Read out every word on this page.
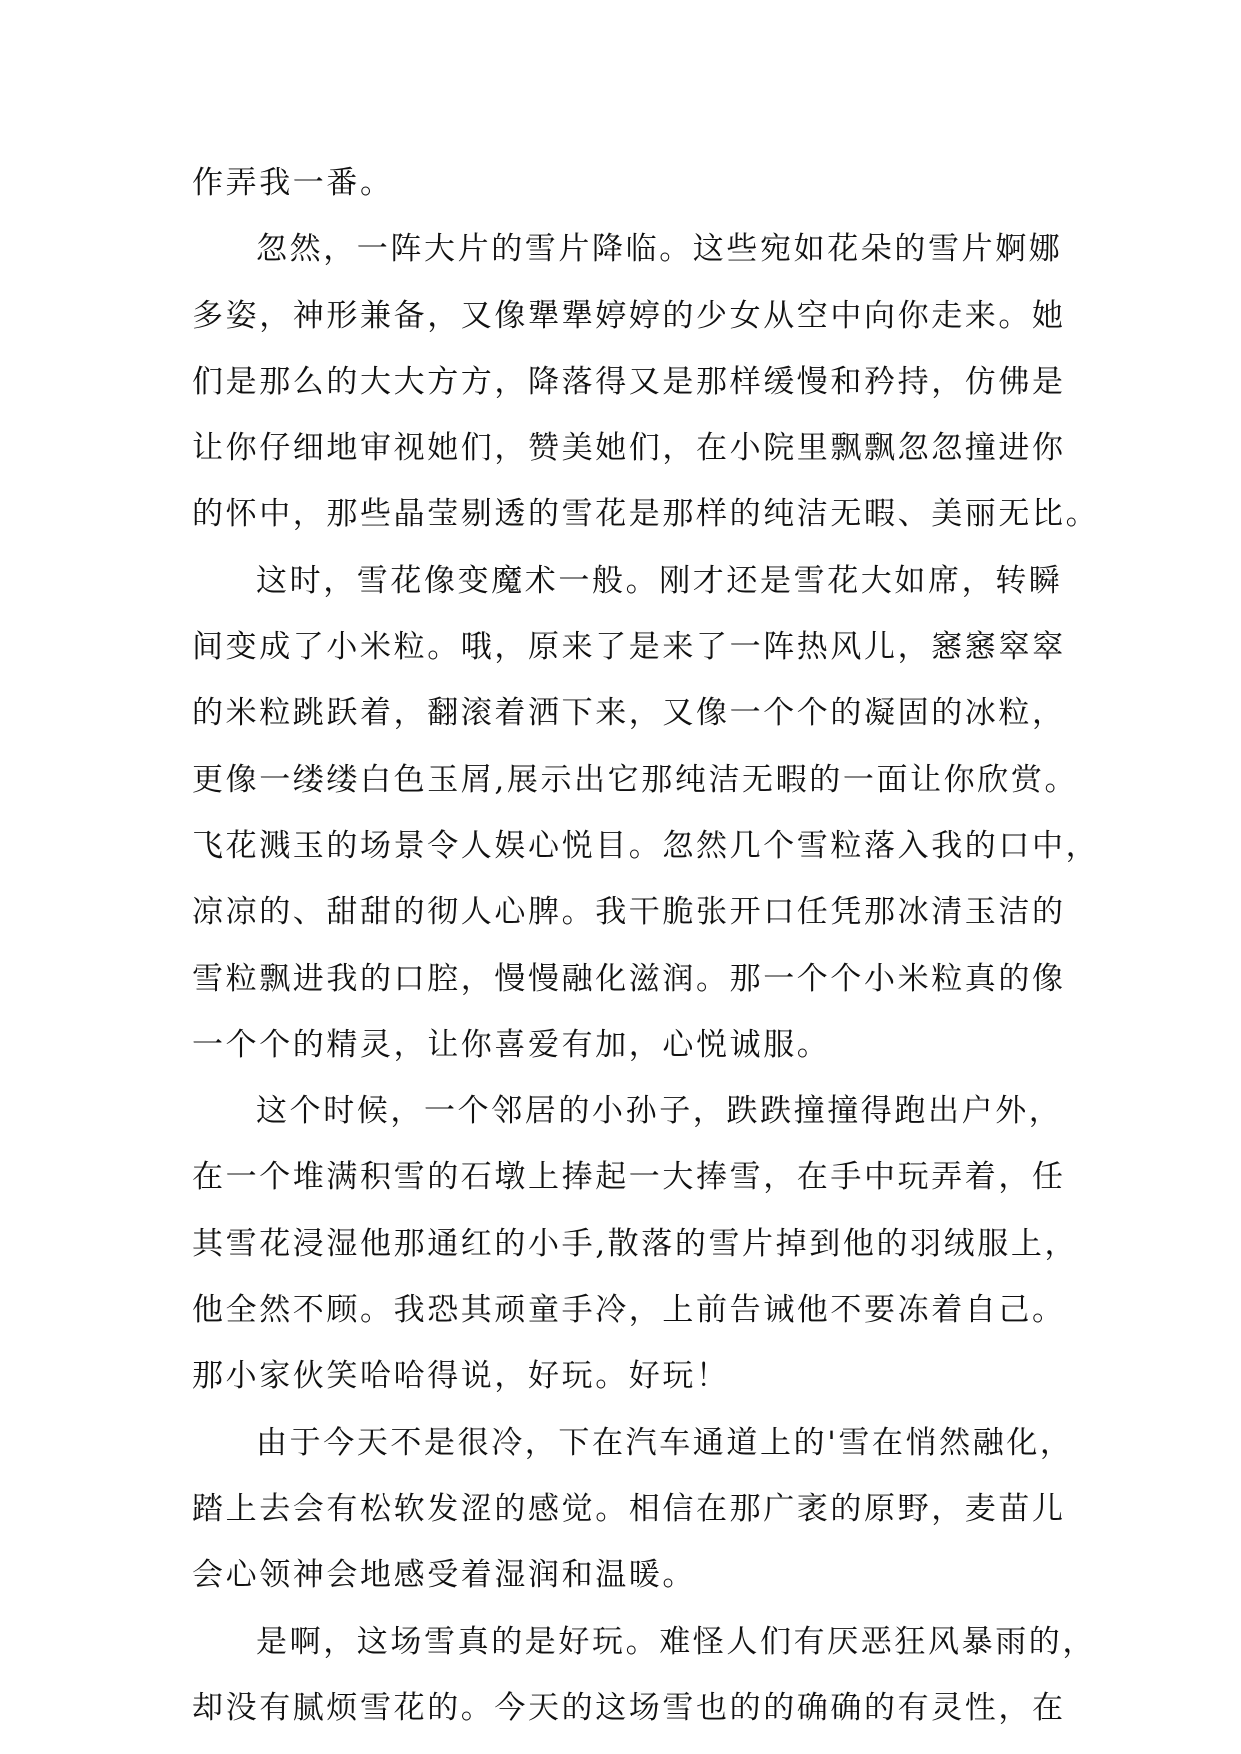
作弄我一番。
忽然，一阵大片的雪片降临。这些宛如花朵的雪片婀娜
多姿，神形兼备，又像犟犟婷婷的少女从空中向你走来。她
们是那么的大大方方，降落得又是那样缓慢和矜持，仿佛是
让你仔细地审视她们，赞美她们，在小院里飘飘忽忽撞进你
的怀中，那些晶莹剔透的雪花是那样的纯洁无暇、美丽无比。
这时，雪花像变魔术一般。刚才还是雪花大如席，转瞬
间变成了小米粒。哦，原来了是来了一阵热风儿，窸窸窣窣
的米粒跳跃着，翻滚着洒下来，又像一个个的凝固的冰粒，
更像一缕缕白色玉屑,展示出它那纯洁无暇的一面让你欣赏。
飞花溅玉的场景令人娱心悦目。忽然几个雪粒落入我的口中，
凉凉的、甜甜的彻人心脾。我干脆张开口任凭那冰清玉洁的
雪粒飘进我的口腔，慢慢融化滋润。那一个个小米粒真的像
一个个的精灵，让你喜爱有加，心悦诚服。
这个时候，一个邻居的小孙子，跌跌撞撞得跑出户外，
在一个堆满积雪的石墩上捧起一大捧雪，在手中玩弄着，任
其雪花浸湿他那通红的小手,散落的雪片掉到他的羽绒服上，
他全然不顾。我恐其顽童手冷，上前告诫他不要冻着自己。
那小家伙笑哈哈得说，好玩。好玩！
由于今天不是很冷，下在汽车通道上的'雪在悄然融化，
踏上去会有松软发涩的感觉。相信在那广袤的原野，麦苗儿
会心领神会地感受着湿润和温暖。
是啊，这场雪真的是好玩。难怪人们有厌恶狂风暴雨的，
却没有腻烦雪花的。今天的这场雪也的的确确的有灵性，在
